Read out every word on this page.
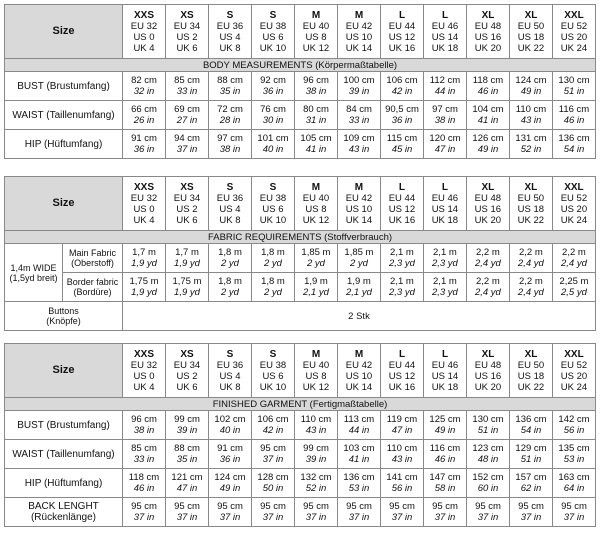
Size	XXS
EU 32
US 0
UK 4	XS
EU 34
US 2
UK 6	S
EU 36
US 4
UK 8	S
EU 38
US 6
UK 10	M
EU 40
US 8
UK 12	M
EU 42
US 10
UK 14	L
EU 44
US 12
UK 16	L
EU 46
US 14
UK 18	XL
EU 48
US 16
UK 20	XL
EU 50
US 18
UK 22	XXL
EU 52
US 20
UK 24

BODY MEASUREMENTS (Körpermaßtabelle)											
BUST (Brustumfang)	82 cm
32 in	85 cm
33 in	88 cm
35 in	92 cm
36 in	96 cm
38 in	100 cm
39 in	106 cm
42 in	112 cm
44 in	118 cm
46 in	124 cm
49 in	130 cm
51 in

WAIST (Taillenumfang)	66 cm
26 in	69 cm
27 in	72 cm
28 in	76 cm
30 in	80 cm
31 in	84 cm
33 in	90,5 cm
36 in	97 cm
38 in	104 cm
41 in	110 cm
43 in	116 cm
46 in

HIP (Hüftumfang)	91 cm
36 in	94 cm
37 in	97 cm
38 in	101 cm
40 in	105 cm
41 in	109 cm
43 in	115 cm
45 in	120 cm
47 in	126 cm
49 in	131 cm
52 in	136 cm
54 in
Size		XXS
EU 32
US 0
UK 4	XS
EU 34
US 2
UK 6	S
EU 36
US 4
UK 8	S
EU 38
US 6
UK 10	M
EU 40
US 8
UK 12	M
EU 42
US 10
UK 14	L
EU 44
US 12
UK 16	L
EU 46
US 14
UK 18	XL
EU 48
US 16
UK 20	XL
EU 50
US 18
UK 22	XXL
EU 52
US 20
UK 24

FABRIC REQUIREMENTS (Stoffverbrauch)												

1,4m WIDE
(1,5yd breit)	Main Fabric
(Oberstoff)	1,7 m
1,9 yd	1,7 m
1,9 yd	1,8 m
2 yd	1,8 m
2 yd	1,85 m
2 yd	1,85 m
2 yd	2,1 m
2,3 yd	2,1 m
2,3 yd	2,2 m
2,4 yd	2,2 m
2,4 yd	2,2 m
2,4 yd

	Border fabric
(Bordüre)	1,75 m
1,9 yd	1,75 m
1,9 yd	1,8 m
2 yd	1,8 m
2 yd	1,9 m
2,1 yd	1,9 m
2,1 yd	2,1 m
2,3 yd	2,1 m
2,3 yd	2,2 m
2,4 yd	2,2 m
2,4 yd	2,25 m
2,5 yd

Buttons
(Knöpfe)		2 Stk										
Size	XXS
EU 32
US 0
UK 4	XS
EU 34
US 2
UK 6	S
EU 36
US 4
UK 8	S
EU 38
US 6
UK 10	M
EU 40
US 8
UK 12	M
EU 42
US 10
UK 14	L
EU 44
US 12
UK 16	L
EU 46
US 14
UK 18	XL
EU 48
US 16
UK 20	XL
EU 50
US 18
UK 22	XXL
EU 52
US 20
UK 24

FINISHED GARMENT (Fertigmaßtabelle)											
BUST (Brustumfang)	96 cm
38 in	99 cm
39 in	102 cm
40 in	106 cm
42 in	110 cm
43 in	113 cm
44 in	119 cm
47 in	125 cm
49 in	130 cm
51 in	136 cm
54 in	142 cm
56 in

WAIST (Taillenumfang)	85 cm
33 in	88 cm
35 in	91 cm
36 in	95 cm
37 in	99 cm
39 in	103 cm
41 in	110 cm
43 in	116 cm
46 in	123 cm
48 in	129 cm
51 in	135 cm
53 in

HIP (Hüftumfang)	118 cm
46 in	121 cm
47 in	124 cm
49 in	128 cm
50 in	132 cm
52 in	136 cm
53 in	141 cm
56 in	147 cm
58 in	152 cm
60 in	157 cm
62 in	163 cm
64 in

BACK LENGHT
(Rückenlänge)	95 cm
37 in	95 cm
37 in	95 cm
37 in	95 cm
37 in	95 cm
37 in	95 cm
37 in	95 cm
37 in	95 cm
37 in	95 cm
37 in	95 cm
37 in	95 cm
37 in
